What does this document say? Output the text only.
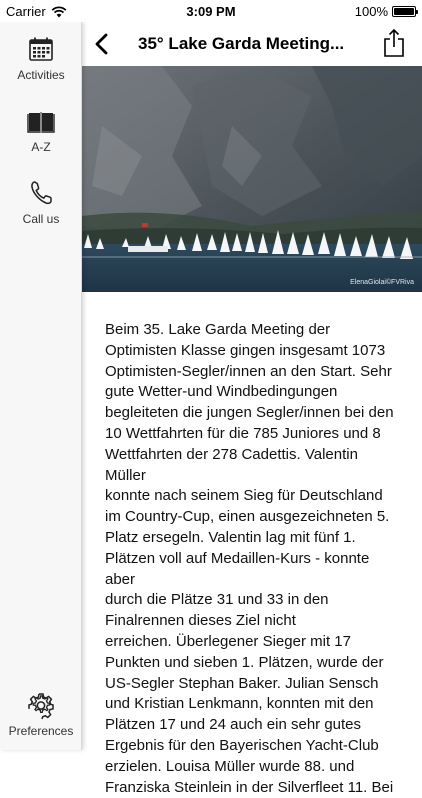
Carrier	3:09 PM	100%
Activities
A-Z
Call us
Preferences
35° Lake Garda Meeting...
ElenaGiolai©FVRiva
Beim 35. Lake Garda Meeting der
Optimisten Klasse gingen insgesamt 1073
Optimisten-Segler/innen an den Start. Sehr
gute Wetter-und Windbedingungen
begleiteten die jungen Segler/innen bei den
10 Wettfahrten für die 785 Juniores und 8
Wettfahrten der 278 Cadettis. Valentin Müller
konnte nach seinem Sieg für Deutschland
im Country-Cup, einen ausgezeichneten 5.
Platz ersegeln. Valentin lag mit fünf 1.
Plätzen voll auf Medaillen-Kurs - konnte aber
durch die Plätze 31 und 33 in den
Finalrennen dieses Ziel nicht
erreichen. Überlegener Sieger mit 17
Punkten und sieben 1. Plätzen, wurde der
US-Segler Stephan Baker. Julian Sensch
und Kristian Lenkmann, konnten mit den
Plätzen 17 und 24 auch ein sehr gutes
Ergebnis für den Bayerischen Yacht-Club
erzielen. Louisa Müller wurde 88. und
Franziska Steinlein in der Silverfleet 11. Bei
